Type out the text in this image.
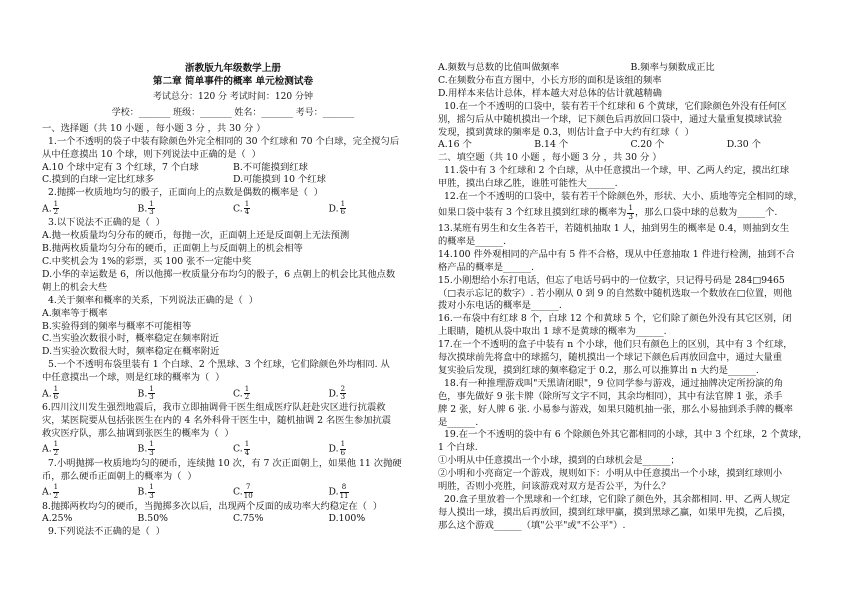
浙教版九年级数学上册
第二章 简单事件的概率 单元检测试卷
考试总分：120 分 考试时间：120 分钟
学校：_______ 班级：_______ 姓名：_______ 考号：_______

一、选择题（共 10 小题 ，每小题 3 分 ，共 30 分 ）

1.一个不透明的袋子中装有除颜色外完全相同的 30 个红球和 70 个白球，完全搅匀后

从中任意摸出 10 个球，则下列说法中正确的是（  ）

A.10 个球中定有 3 个红球，7 个白球	B.不可能摸到红球
C.摸到的白球一定比红球多	D.可能摸到 10 个红球

2.抛掷一枚质地均匀的骰子，正面向上的点数是偶数的概率是（  ）

A. $\frac{1}{2}$	B. $\frac{1}{3}$	C. $\frac{1}{4}$	D. $\frac{1}{6}$

3.以下说法不正确的是（  ）

A.抛一枚质量均匀分布的硬币，每抛一次，正面朝上还是反面朝上无法预测

B.抛两枚质量均匀分布的硬币，正面朝上与反面朝上的机会相等

C.中奖机会为 1%的彩票，买 100 张不一定能中奖

D.小华的幸运数是 6，所以他掷一枚质量分布均匀的骰子，6 点朝上的机会比其他点数

朝上的机会大些

4.关于频率和概率的关系，下列说法正确的是（  ）

A.频率等于概率

B.实验得到的频率与概率不可能相等

C.当实验次数很小时，概率稳定在频率附近

D.当实验次数很大时，频率稳定在概率附近

5.一个不透明布袋里装有 1 个白球、2 个黑球、3 个红球，它们除颜色外均相同. 从

中任意摸出一个球，则是红球的概率为（  ）

A. $\frac{1}{6}$	B. $\frac{1}{3}$	C. $\frac{1}{2}$	D. $\frac{2}{3}$

6.四川汶川发生强烈地震后，我市立即抽调骨干医生组成医疗队赶赴灾区进行抗震救

灾，某医院要从包括张医生在内的 4 名外科骨干医生中，随机抽调 2 名医生参加抗震

救灾医疗队，那么抽调到张医生的概率为（  ）

A. $\frac{1}{2}$	B. $\frac{1}{3}$	C. $\frac{1}{4}$	D. $\frac{1}{6}$

7.小明抛掷一枚质地均匀的硬币，连续抛 10 次，有 7 次正面朝上，如果他 11 次抛硬

币，那么硬币正面朝上的概率为（  ）

A. $\frac{1}{2}$	B. $\frac{1}{3}$	C. $\frac{7}{10}$	D. $\frac{8}{11}$

8.抛掷两枚均匀的硬币，当抛掷多次以后，出现两个反面的成功率大约稳定在（  ）

A.25%	B.50%	C.75%	D.100%

9.下列说法不正确的是（  ）

A.频数与总数的比值叫做频率	B.频率与频数成正比

C.在频数分布直方图中，小长方形的面积是该组的频率

D.用样本来估计总体，样本越大对总体的估计就越精确

10.在一个不透明的口袋中，装有若干个红球和 6 个黄球，它们除颜色外没有任何区

别，摇匀后从中随机摸出一个球，记下颜色后再放回口袋中，通过大量重复摸球试验

发现，摸到黄球的频率是 0.3，则估计盒子中大约有红球（  ）

A.16 个	B.14 个	C.20 个	D.30 个

二、填空题（共 10 小题 ，每小题 3 分 ，共 30 分 ）

11.袋中有 3 个红球和 2 个白球，从中任意摸出一个球，甲、乙两人约定，摸出红球

甲胜，摸出白球乙胜，谁胜可能性大______.

12.在一个不透明的口袋中，装有若干个除颜色外，形状、大小、质地等完全相同的球，

如果口袋中装有 3 个红球且摸到红球的概率为 $\frac{1}{3}$ ，那么口袋中球的总数为______个.

13.某班有男生和女生各若干，若随机抽取 1 人，抽到男生的概率是 0.4，则抽到女生

的概率是______.

14.100 件外观相同的产品中有 5 件不合格，现从中任意抽取 1 件进行检测，抽到不合

格产品的概率是______.

15.小刚想给小东打电话，但忘了电话号码中的一位数字，只记得号码是 284□9465

（□表示忘记的数字）. 若小刚从 0 到 9 的自然数中随机选取一个数放在□位置，则他

拨对小东电话的概率是______.

16.一布袋中有红球 8 个，白球 12 个和黄球 5 个，它们除了颜色外没有其它区别，闭

上眼睛，随机从袋中取出 1 球不是黄球的概率为______.

17.在一个不透明的盒子中装有 n 个小球，他们只有颜色上的区别，其中有 3 个红球，

每次摸球前先将盒中的球摇匀，随机摸出一个球记下颜色后再放回盒中，通过大量重

复实验后发现，摸到红球的频率稳定于 0.2，那么可以推算出 n 大约是______.

18.有一种推理游戏叫"天黑请闭眼"，9 位同学参与游戏，通过抽牌决定所扮演的角

色，事先做好 9 张卡牌（除所写文字不同，其余均相同），其中有法官牌 1 张，杀手

牌 2 张，好人牌 6 张. 小易参与游戏，如果只随机抽一张，那么小易抽到杀手牌的概率

是______.

19.在一个不透明的袋中有 6 个除颜色外其它都相同的小球，其中 3 个红球，2 个黄球，

1 个白球.

①小明从中任意摸出一个小球，摸到的白球机会是______；

②小明和小亮商定一个游戏，规则如下：小明从中任意摸出一个小球，摸到红球则小

明胜，否则小亮胜，问该游戏对双方是否公平，为什么？

20.盒子里放着一个黑球和一个红球，它们除了颜色外，其余都相同. 甲、乙两人规定

每人摸出一球，摸出后再放回，摸到红球甲赢，摸到黑球乙赢，如果甲先摸，乙后摸，

那么这个游戏______（填"公平"或"不公平"）.
